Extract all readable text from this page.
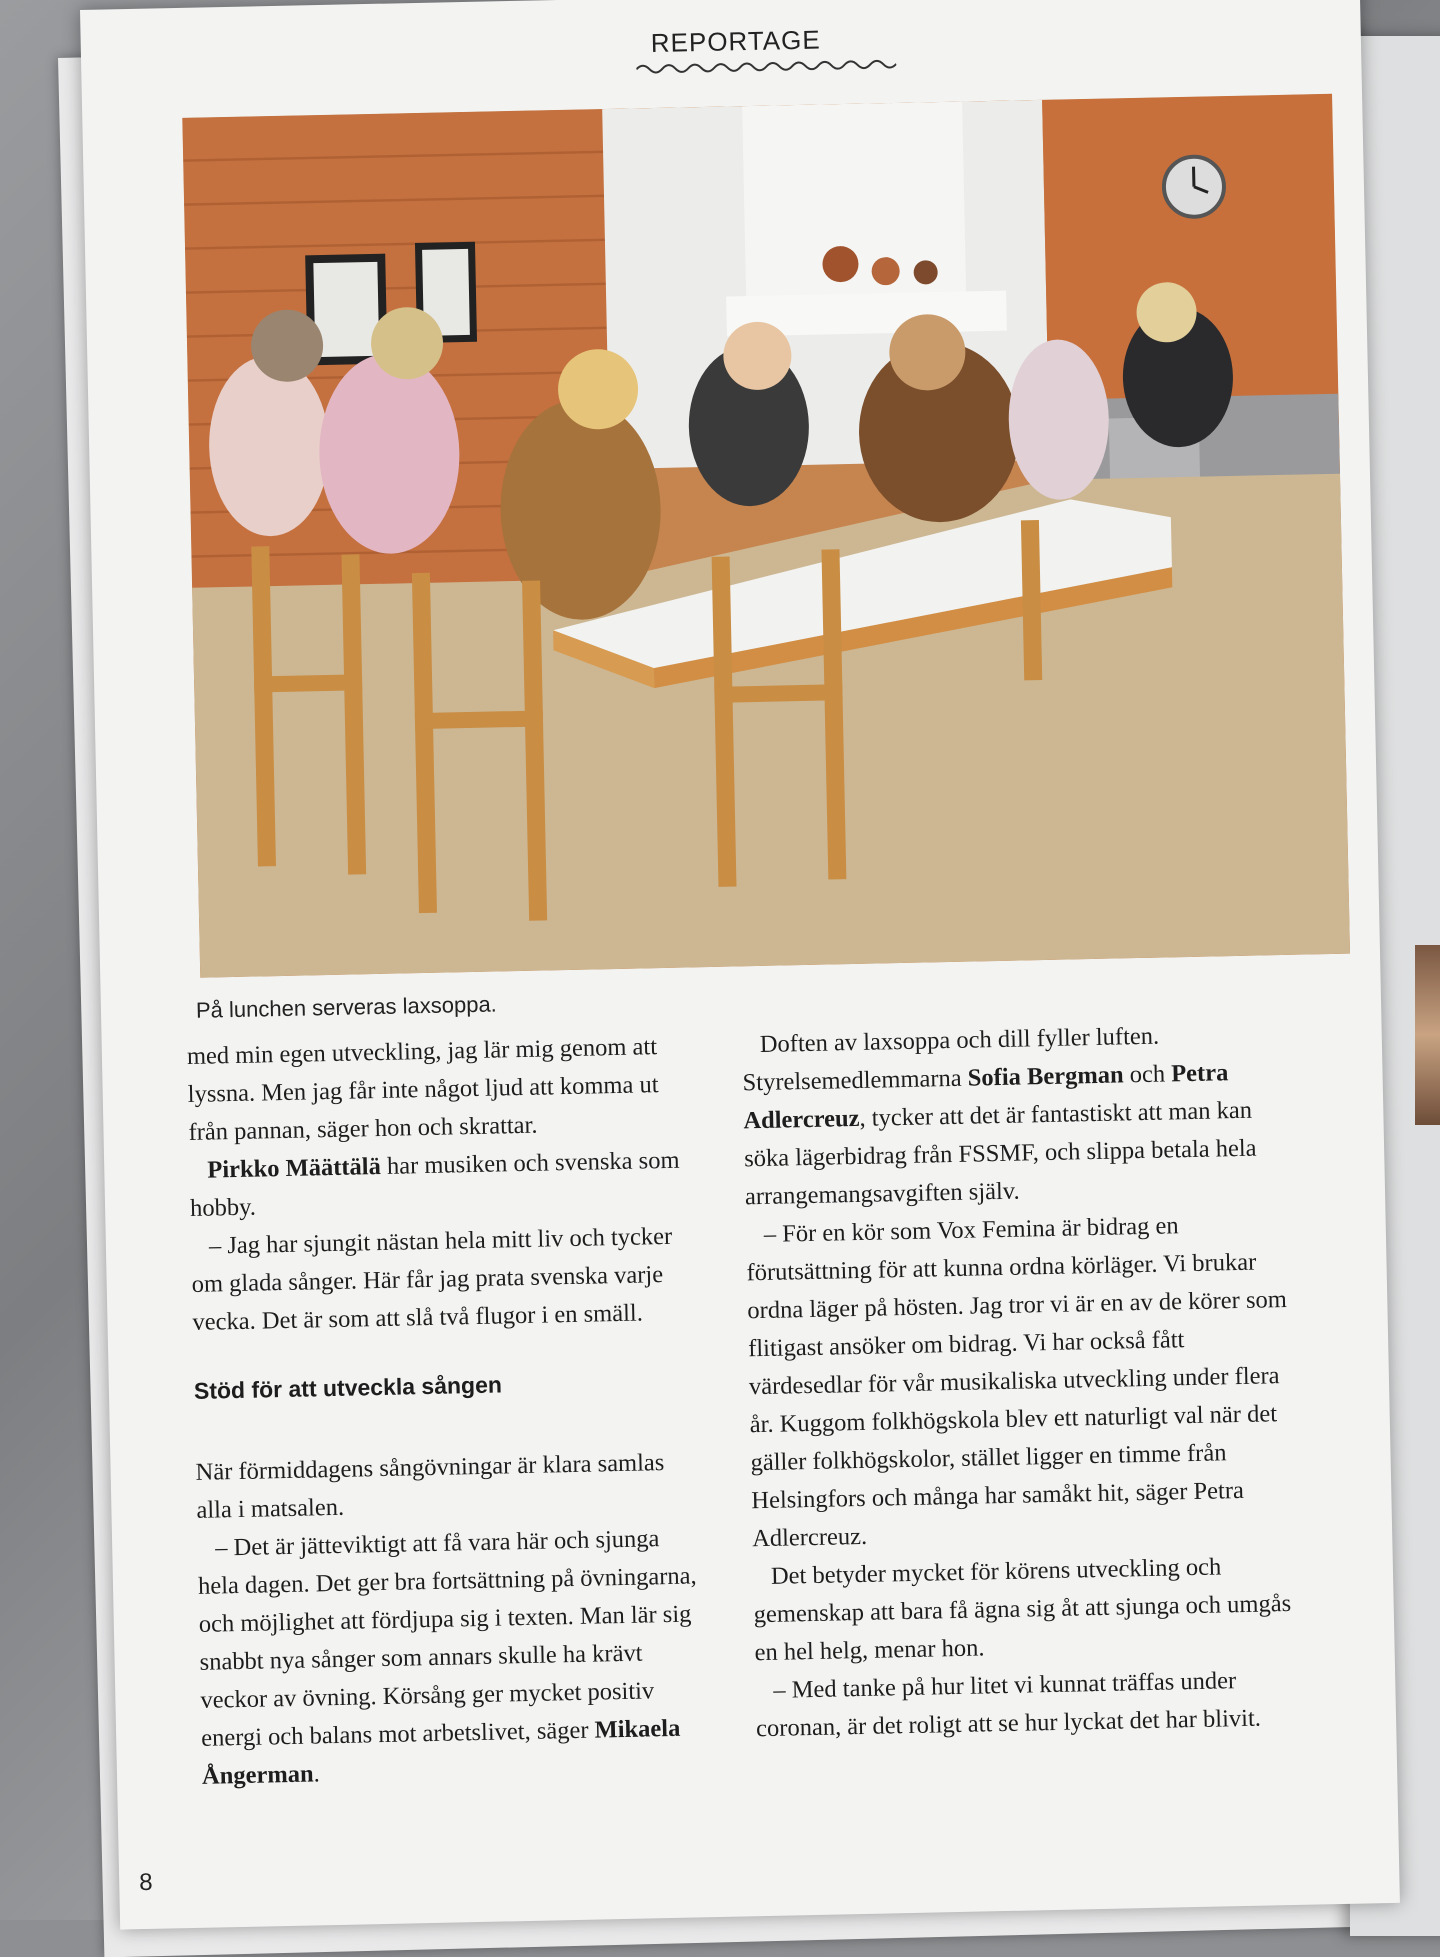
REPORTAGE
På lunchen serveras laxsoppa.

med min egen utveckling, jag lär mig genom att lyssna. Men jag får inte något ljud att komma ut från pannan, säger hon och skrattar.

Pirkko Määttälä har musiken och svenska som hobby.

– Jag har sjungit nästan hela mitt liv och tycker om glada sånger. Här får jag prata svenska varje vecka. Det är som att slå två flugor i en smäll.

Stöd för att utveckla sången

När förmiddagens sångövningar är klara samlas alla i matsalen.

– Det är jätteviktigt att få vara här och sjunga hela dagen. Det ger bra fortsättning på övningarna, och möjlighet att fördjupa sig i texten. Man lär sig snabbt nya sånger som annars skulle ha krävt veckor av övning. Körsång ger mycket positiv energi och balans mot arbetslivet, säger Mikaela Ångerman.

Doften av laxsoppa och dill fyller luften. Styrelsemedlemmarna Sofia Bergman och Petra Adlercreuz, tycker att det är fantastiskt att man kan söka lägerbidrag från FSSMF, och slippa betala hela arrangemangsavgiften själv.

– För en kör som Vox Femina är bidrag en förutsättning för att kunna ordna körläger. Vi brukar ordna läger på hösten. Jag tror vi är en av de körer som flitigast ansöker om bidrag. Vi har också fått värdesedlar för vår musikaliska utveckling under flera år. Kuggom folkhögskola blev ett naturligt val när det gäller folkhögskolor, stället ligger en timme från Helsingfors och många har samåkt hit, säger Petra Adlercreuz.

Det betyder mycket för körens utveckling och gemenskap att bara få ägna sig åt att sjunga och umgås en hel helg, menar hon.

– Med tanke på hur litet vi kunnat träffas under coronan, är det roligt att se hur lyckat det har blivit.

8
